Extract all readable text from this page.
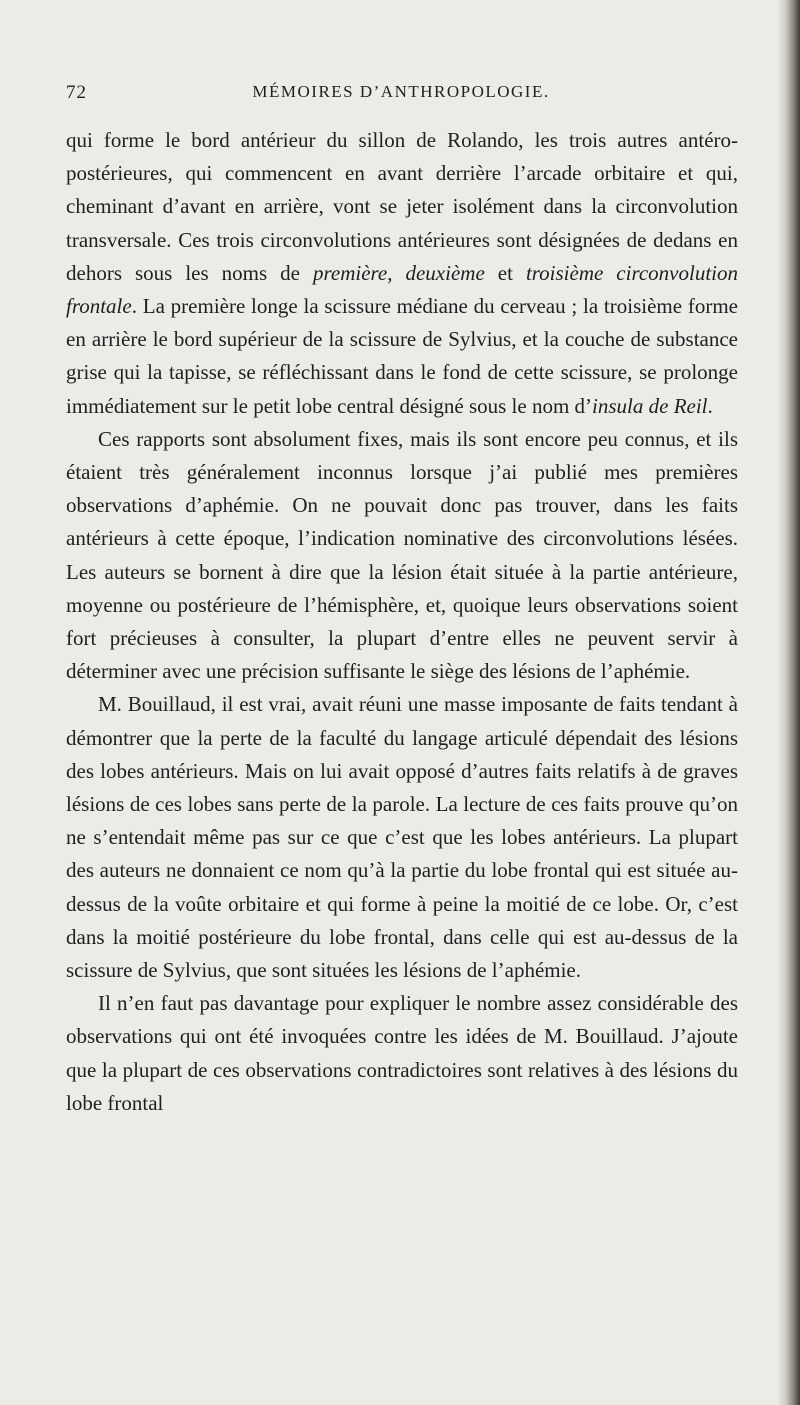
72	MÉMOIRES D’ANTHROPOLOGIE.

qui forme le bord antérieur du sillon de Rolando, les trois autres antéro-postérieures, qui commencent en avant derrière l’arcade orbitaire et qui, cheminant d’avant en arrière, vont se jeter isolément dans la circonvolution transversale. Ces trois circonvolutions antérieures sont désignées de dedans en dehors sous les noms de première, deuxième et troisième circonvolution frontale. La première longe la scissure médiane du cerveau ; la troisième forme en arrière le bord supérieur de la scissure de Sylvius, et la couche de substance grise qui la tapisse, se réfléchissant dans le fond de cette scissure, se prolonge immédiatement sur le petit lobe central désigné sous le nom d’insula de Reil.

Ces rapports sont absolument fixes, mais ils sont encore peu connus, et ils étaient très généralement inconnus lorsque j’ai publié mes premières observations d’aphémie. On ne pouvait donc pas trouver, dans les faits antérieurs à cette époque, l’indication nominative des circonvolutions lésées. Les auteurs se bornent à dire que la lésion était située à la partie antérieure, moyenne ou postérieure de l’hémisphère, et, quoique leurs observations soient fort précieuses à consulter, la plupart d’entre elles ne peuvent servir à déterminer avec une précision suffisante le siège des lésions de l’aphémie.

M. Bouillaud, il est vrai, avait réuni une masse imposante de faits tendant à démontrer que la perte de la faculté du langage articulé dépendait des lésions des lobes antérieurs. Mais on lui avait opposé d’autres faits relatifs à de graves lésions de ces lobes sans perte de la parole. La lecture de ces faits prouve qu’on ne s’entendait même pas sur ce que c’est que les lobes antérieurs. La plupart des auteurs ne donnaient ce nom qu’à la partie du lobe frontal qui est située au-dessus de la voûte orbitaire et qui forme à peine la moitié de ce lobe. Or, c’est dans la moitié postérieure du lobe frontal, dans celle qui est au-dessus de la scissure de Sylvius, que sont situées les lésions de l’aphémie.

Il n’en faut pas davantage pour expliquer le nombre assez considérable des observations qui ont été invoquées contre les idées de M. Bouillaud. J’ajoute que la plupart de ces observations contradictoires sont relatives à des lésions du lobe frontal
